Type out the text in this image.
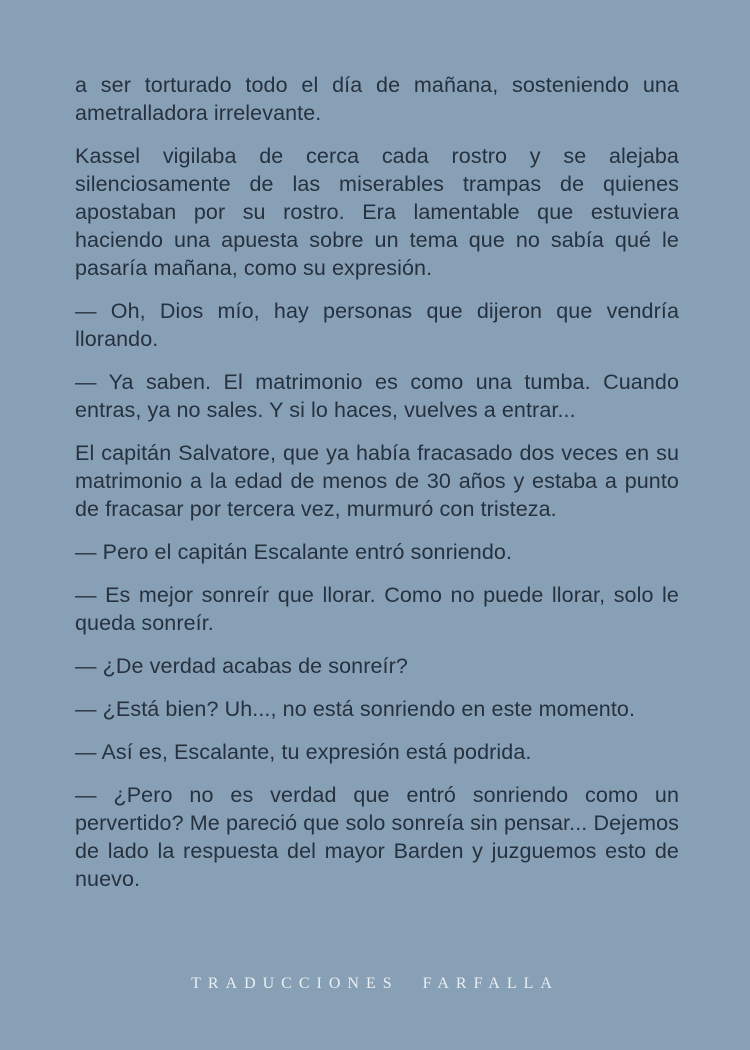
a ser torturado todo el día de mañana, sosteniendo una ametralladora irrelevante.

Kassel vigilaba de cerca cada rostro y se alejaba silenciosamente de las miserables trampas de quienes apostaban por su rostro. Era lamentable que estuviera haciendo una apuesta sobre un tema que no sabía qué le pasaría mañana, como su expresión.

— Oh, Dios mío, hay personas que dijeron que vendría llorando.

— Ya saben. El matrimonio es como una tumba. Cuando entras, ya no sales. Y si lo haces, vuelves a entrar...

El capitán Salvatore, que ya había fracasado dos veces en su matrimonio a la edad de menos de 30 años y estaba a punto de fracasar por tercera vez, murmuró con tristeza.

— Pero el capitán Escalante entró sonriendo.

— Es mejor sonreír que llorar. Como no puede llorar, solo le queda sonreír.

— ¿De verdad acabas de sonreír?

— ¿Está bien? Uh..., no está sonriendo en este momento.

— Así es, Escalante, tu expresión está podrida.

— ¿Pero no es verdad que entró sonriendo como un pervertido? Me pareció que solo sonreía sin pensar... Dejemos de lado la respuesta del mayor Barden y juzguemos esto de nuevo.

TRADUCCIONES FARFALLA
